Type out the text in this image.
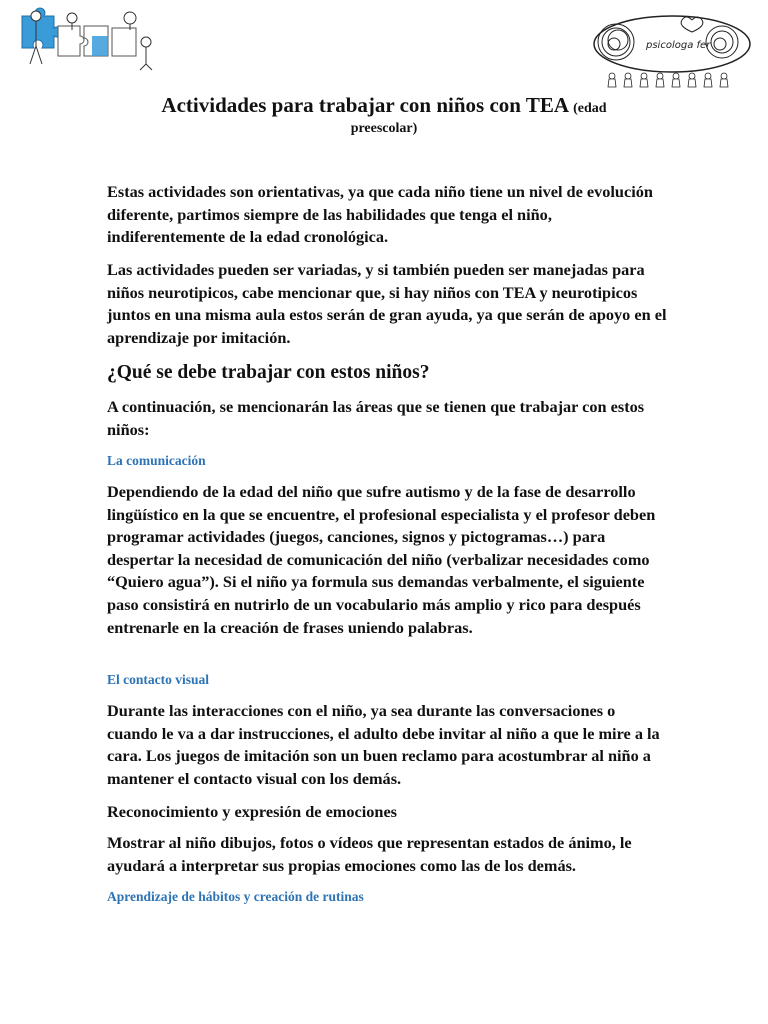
psicologa fer
Actividades para trabajar con niños con TEA (edad
preescolar)

Estas actividades son orientativas, ya que cada niño tiene un nivel de evolución diferente, partimos siempre de las habilidades que tenga el niño, indiferentemente de la edad cronológica.

Las actividades pueden ser variadas, y si también pueden ser manejadas para niños neurotipicos, cabe mencionar que, si hay niños con TEA y neurotipicos juntos en una misma aula estos serán de gran ayuda, ya que serán de apoyo en el aprendizaje por imitación.

¿Qué se debe trabajar con estos niños?

A continuación, se mencionarán las áreas que se tienen que trabajar con estos niños:

La comunicación

Dependiendo de la edad del niño que sufre autismo y de la fase de desarrollo lingüístico en la que se encuentre, el profesional especialista y el profesor deben programar actividades (juegos, canciones, signos y pictogramas…) para despertar la necesidad de comunicación del niño (verbalizar necesidades como “Quiero agua”). Si el niño ya formula sus demandas verbalmente, el siguiente paso consistirá en nutrirlo de un vocabulario más amplio y rico para después entrenarle en la creación de frases uniendo palabras.

El contacto visual

Durante las interacciones con el niño, ya sea durante las conversaciones o cuando le va a dar instrucciones, el adulto debe invitar al niño a que le mire a la cara. Los juegos de imitación son un buen reclamo para acostumbrar al niño a mantener el contacto visual con los demás.

Reconocimiento y expresión de emociones

Mostrar al niño dibujos, fotos o vídeos que representan estados de ánimo, le ayudará a interpretar sus propias emociones como las de los demás.

Aprendizaje de hábitos y creación de rutinas
